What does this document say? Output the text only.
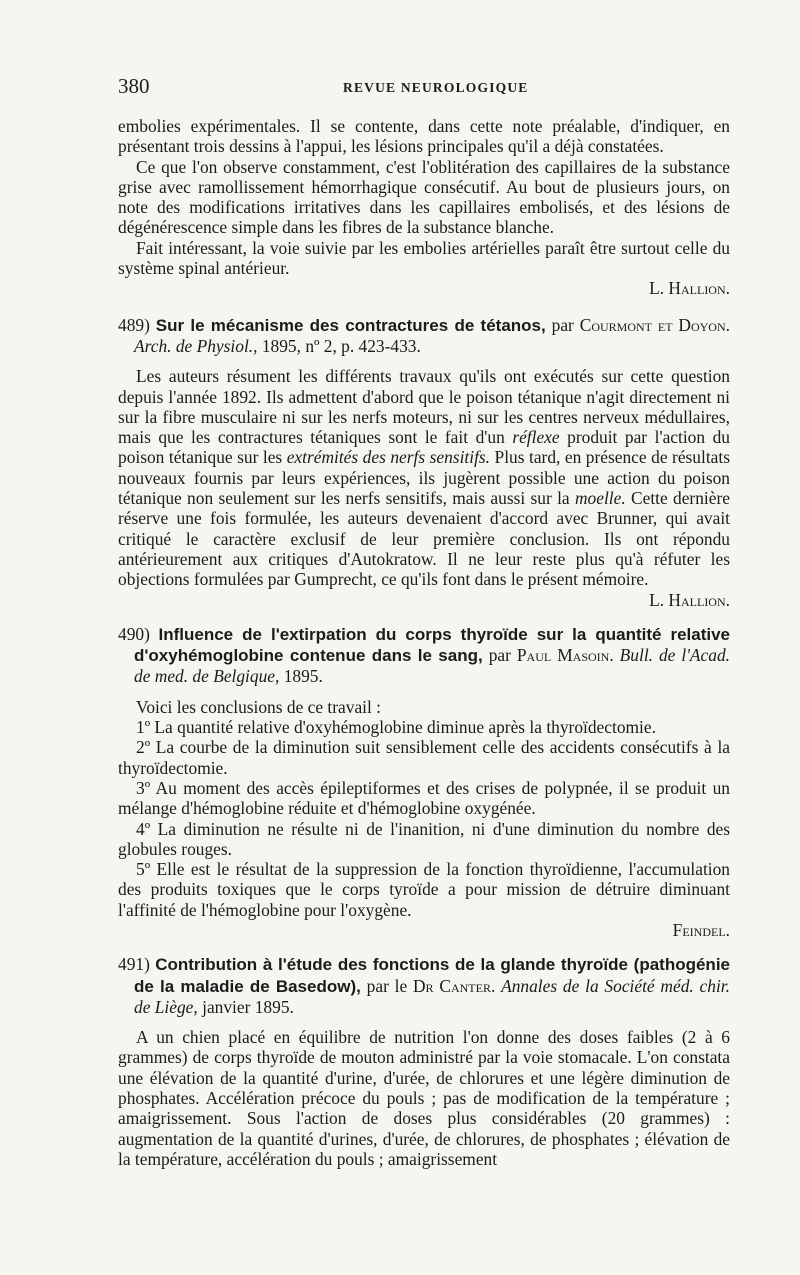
380	REVUE NEUROLOGIQUE

embolies expérimentales. Il se contente, dans cette note préalable, d'indiquer, en présentant trois dessins à l'appui, les lésions principales qu'il a déjà constatées.

Ce que l'on observe constamment, c'est l'oblitération des capillaires de la substance grise avec ramollissement hémorrhagique consécutif. Au bout de plusieurs jours, on note des modifications irritatives dans les capillaires embolisés, et des lésions de dégénérescence simple dans les fibres de la substance blanche.

Fait intéressant, la voie suivie par les embolies artérielles paraît être surtout celle du système spinal antérieur.

L. Hallion.

489) Sur le mécanisme des contractures de tétanos, par Courmont et Doyon. Arch. de Physiol., 1895, nº 2, p. 423-433.

Les auteurs résument les différents travaux qu'ils ont exécutés sur cette question depuis l'année 1892. Ils admettent d'abord que le poison tétanique n'agit directement ni sur la fibre musculaire ni sur les nerfs moteurs, ni sur les centres nerveux médullaires, mais que les contractures tétaniques sont le fait d'un réflexe produit par l'action du poison tétanique sur les extrémités des nerfs sensitifs. Plus tard, en présence de résultats nouveaux fournis par leurs expériences, ils jugèrent possible une action du poison tétanique non seulement sur les nerfs sensitifs, mais aussi sur la moelle. Cette dernière réserve une fois formulée, les auteurs devenaient d'accord avec Brunner, qui avait critiqué le caractère exclusif de leur première conclusion. Ils ont répondu antérieurement aux critiques d'Autokratow. Il ne leur reste plus qu'à réfuter les objections formulées par Gumprecht, ce qu'ils font dans le présent mémoire.

L. Hallion.

490) Influence de l'extirpation du corps thyroïde sur la quantité relative d'oxyhémoglobine contenue dans le sang, par Paul Masoin. Bull. de l'Acad. de med. de Belgique, 1895.

Voici les conclusions de ce travail :

1º La quantité relative d'oxyhémoglobine diminue après la thyroïdectomie.

2º La courbe de la diminution suit sensiblement celle des accidents consécutifs à la thyroïdectomie.

3º Au moment des accès épileptiformes et des crises de polypnée, il se produit un mélange d'hémoglobine réduite et d'hémoglobine oxygénée.

4º La diminution ne résulte ni de l'inanition, ni d'une diminution du nombre des globules rouges.

5º Elle est le résultat de la suppression de la fonction thyroïdienne, l'accumulation des produits toxiques que le corps tyroïde a pour mission de détruire diminuant l'affinité de l'hémoglobine pour l'oxygène.

Feindel.

491) Contribution à l'étude des fonctions de la glande thyroïde (pathogénie de la maladie de Basedow), par le Dr Canter. Annales de la Société méd. chir. de Liège, janvier 1895.

A un chien placé en équilibre de nutrition l'on donne des doses faibles (2 à 6 grammes) de corps thyroïde de mouton administré par la voie stomacale. L'on constata une élévation de la quantité d'urine, d'urée, de chlorures et une légère diminution de phosphates. Accélération précoce du pouls ; pas de modification de la température ; amaigrissement. Sous l'action de doses plus considérables (20 grammes) : augmentation de la quantité d'urines, d'urée, de chlorures, de phosphates ; élévation de la température, accélération du pouls ; amaigrissement
